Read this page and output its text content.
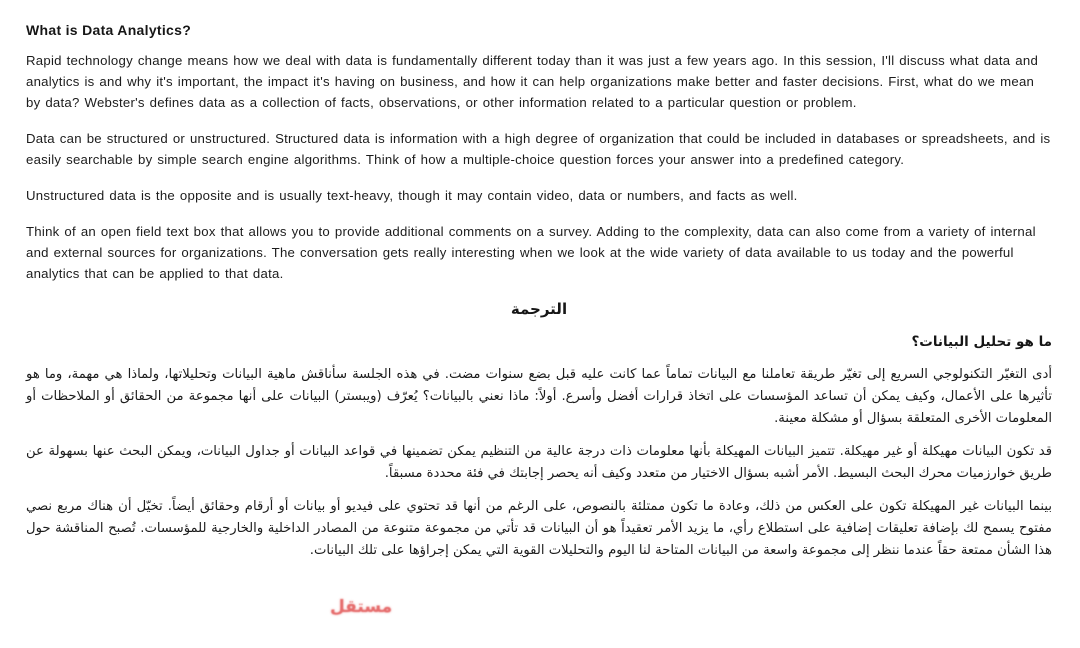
What is Data Analytics?

Rapid technology change means how we deal with data is fundamentally different today than it was just a few years ago. In this session, I'll discuss what data and analytics is and why it's important, the impact it's having on business, and how it can help organizations make better and faster decisions. First, what do we mean by data? Webster's defines data as a collection of facts, observations, or other information related to a particular question or problem.

Data can be structured or unstructured. Structured data is information with a high degree of organization that could be included in databases or spreadsheets, and is easily searchable by simple search engine algorithms. Think of how a multiple-choice question forces your answer into a predefined category.

Unstructured data is the opposite and is usually text-heavy, though it may contain video, data or numbers, and facts as well.

Think of an open field text box that allows you to provide additional comments on a survey. Adding to the complexity, data can also come from a variety of internal and external sources for organizations. The conversation gets really interesting when we look at the wide variety of data available to us today and the powerful analytics that can be applied to that data.

الترجمة
ما هو تحليل البيانات؟

أدى التغيّر التكنولوجي السريع إلى تغيّر طريقة تعاملنا مع البيانات تماماً عما كانت عليه قبل بضع سنوات مضت. في هذه الجلسة سأناقش ماهية البيانات وتحليلاتها، ولماذا هي مهمة، وما هو تأثيرها على الأعمال، وكيف يمكن أن تساعد المؤسسات على اتخاذ قرارات أفضل وأسرع. أولاً: ماذا نعني بالبيانات؟ يُعرّف (ويبستر) البيانات على أنها مجموعة من الحقائق أو الملاحظات أو المعلومات الأخرى المتعلقة بسؤال أو مشكلة معينة.

قد تكون البيانات مهيكلة أو غير مهيكلة. تتميز البيانات المهيكلة بأنها معلومات ذات درجة عالية من التنظيم يمكن تضمينها في قواعد البيانات أو جداول البيانات، ويمكن البحث عنها بسهولة عن طريق خوارزميات محرك البحث البسيط. الأمر أشبه بسؤال الاختيار من متعدد وكيف أنه يحصر إجابتك في فئة محددة مسبقاً.

بينما البيانات غير المهيكلة تكون على العكس من ذلك، وعادة ما تكون ممتلئة بالنصوص، على الرغم من أنها قد تحتوي على فيديو أو بيانات أو أرقام وحقائق أيضاً. تخيّل أن هناك مربع نصي مفتوح يسمح لك بإضافة تعليقات إضافية على استطلاع رأي، ما يزيد الأمر تعقيداً هو أن البيانات قد تأتي من مجموعة متنوعة من المصادر الداخلية والخارجية للمؤسسات. تُصبح المناقشة حول هذا الشأن ممتعة حقاً عندما ننظر إلى مجموعة واسعة من البيانات المتاحة لنا اليوم والتحليلات القوية التي يمكن إجراؤها على تلك البيانات.

مستقل
